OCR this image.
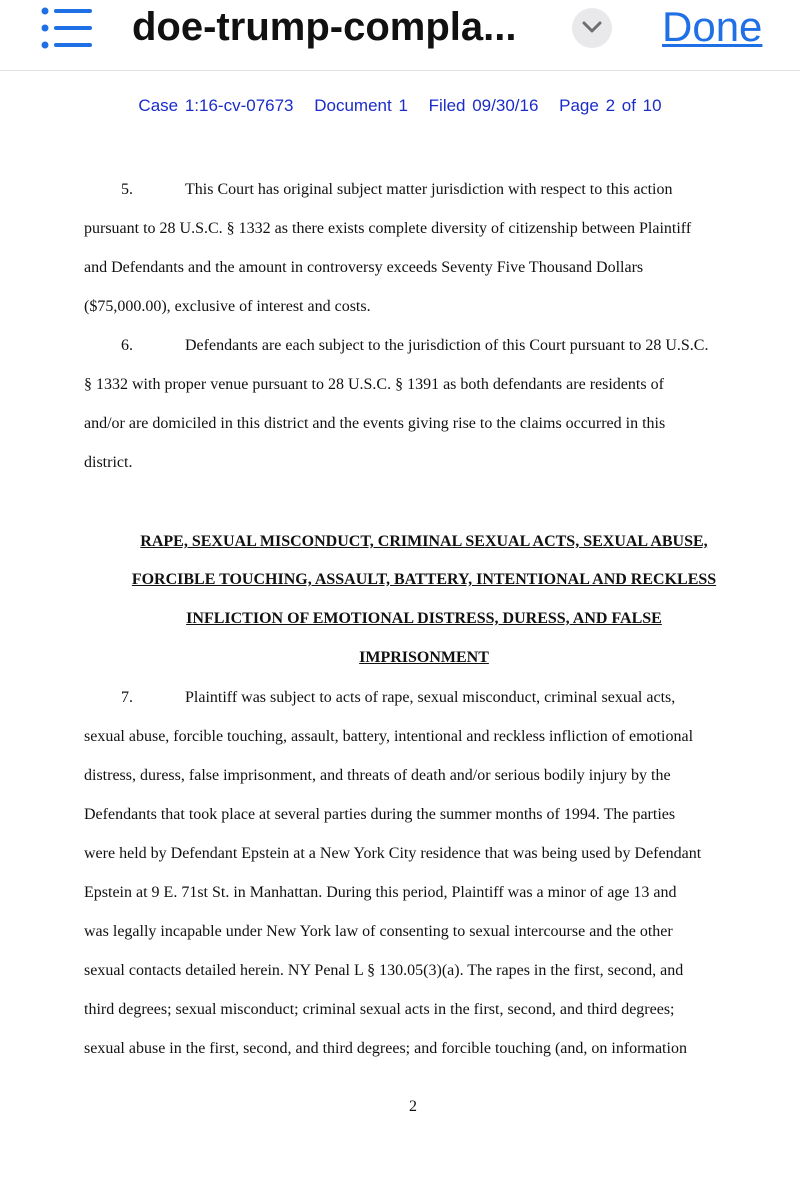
doe-trump-compla...	Done
Case 1:16-cv-07673 Document 1 Filed 09/30/16 Page 2 of 10
5.	This Court has original subject matter jurisdiction with respect to this action
pursuant to 28 U.S.C. § 1332 as there exists complete diversity of citizenship between Plaintiff
and Defendants and the amount in controversy exceeds Seventy Five Thousand Dollars
($75,000.00), exclusive of interest and costs.
6.	Defendants are each subject to the jurisdiction of this Court pursuant to 28 U.S.C.
§ 1332 with proper venue pursuant to 28 U.S.C. § 1391 as both defendants are residents of
and/or are domiciled in this district and the events giving rise to the claims occurred in this
district.
RAPE, SEXUAL MISCONDUCT, CRIMINAL SEXUAL ACTS, SEXUAL ABUSE,
FORCIBLE TOUCHING, ASSAULT, BATTERY, INTENTIONAL AND RECKLESS
INFLICTION OF EMOTIONAL DISTRESS, DURESS, AND FALSE
IMPRISONMENT
7.	Plaintiff was subject to acts of rape, sexual misconduct, criminal sexual acts,
sexual abuse, forcible touching, assault, battery, intentional and reckless infliction of emotional
distress, duress, false imprisonment, and threats of death and/or serious bodily injury by the
Defendants that took place at several parties during the summer months of 1994. The parties
were held by Defendant Epstein at a New York City residence that was being used by Defendant
Epstein at 9 E. 71st St. in Manhattan. During this period, Plaintiff was a minor of age 13 and
was legally incapable under New York law of consenting to sexual intercourse and the other
sexual contacts detailed herein. NY Penal L § 130.05(3)(a). The rapes in the first, second, and
third degrees; sexual misconduct; criminal sexual acts in the first, second, and third degrees;
sexual abuse in the first, second, and third degrees; and forcible touching (and, on information
2
